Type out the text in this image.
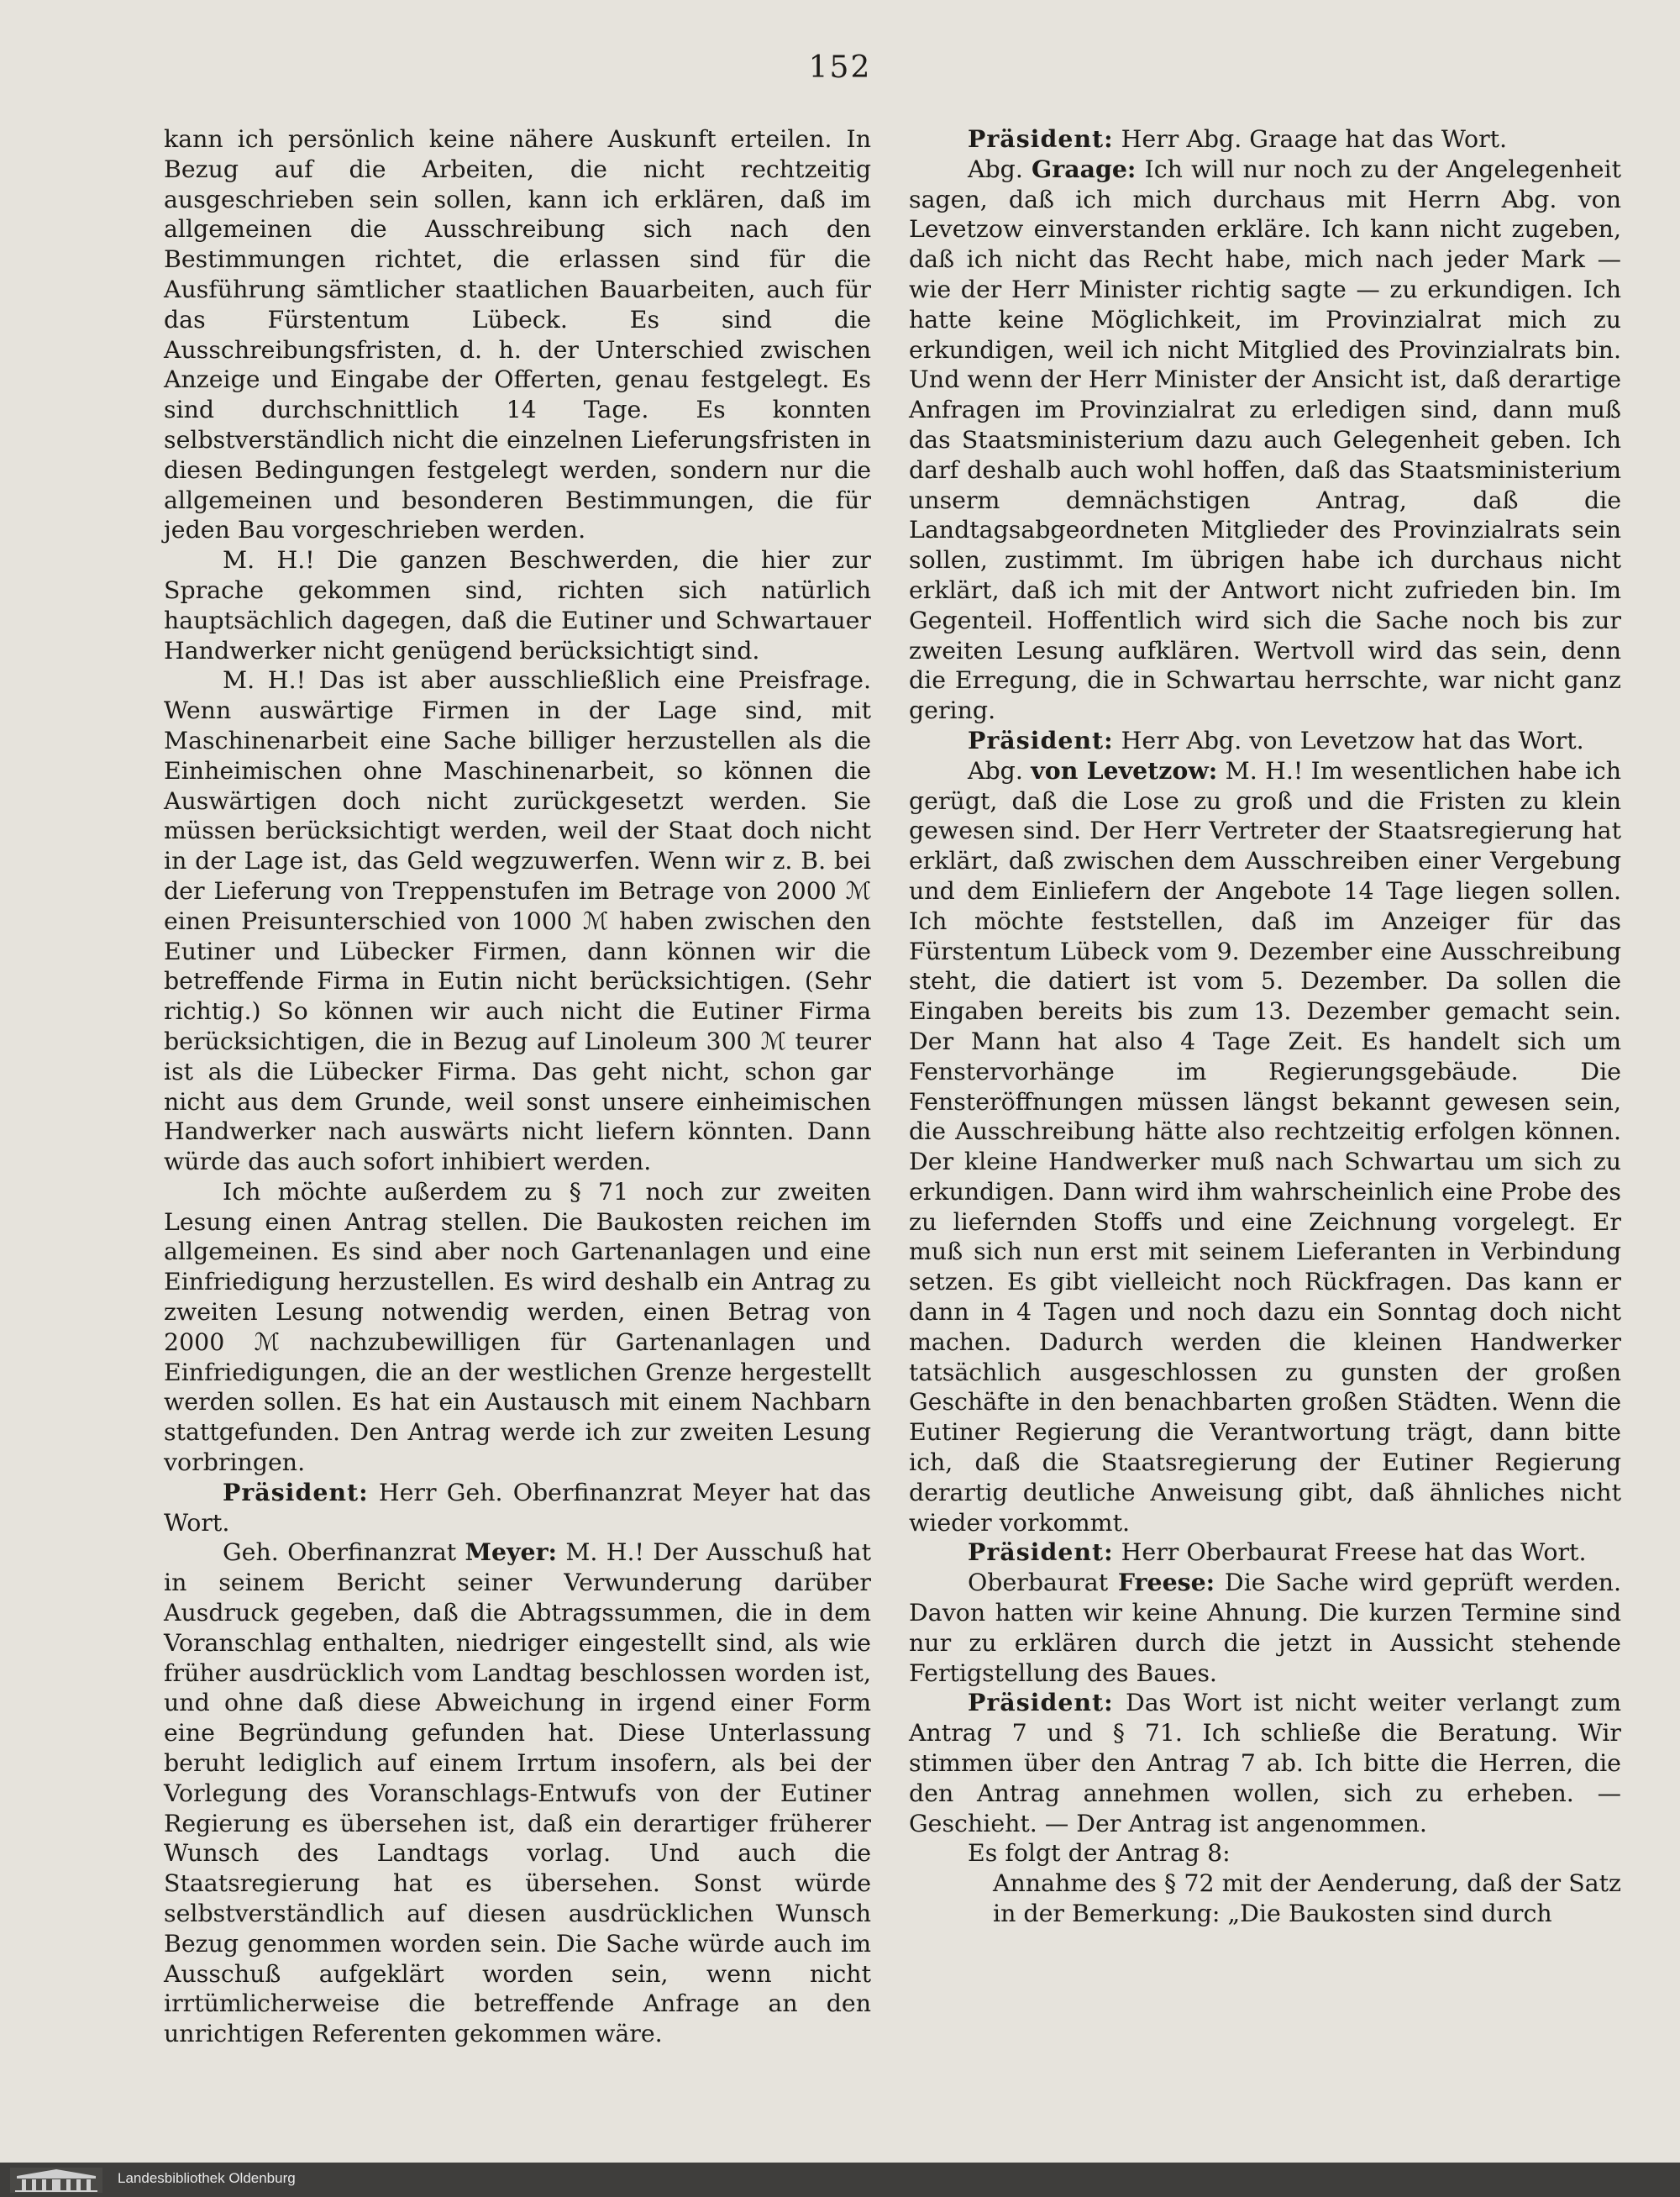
152

kann ich persönlich keine nähere Auskunft erteilen. In Bezug auf die Arbeiten, die nicht rechtzeitig ausgeschrieben sein sollen, kann ich erklären, daß im allgemeinen die Ausschreibung sich nach den Bestimmungen richtet, die erlassen sind für die Ausführung sämtlicher staatlichen Bauarbeiten, auch für das Fürstentum Lübeck. Es sind die Ausschreibungsfristen, d. h. der Unterschied zwischen Anzeige und Eingabe der Offerten, genau festgelegt. Es sind durchschnittlich 14 Tage. Es konnten selbstverständlich nicht die einzelnen Lieferungsfristen in diesen Bedingungen festgelegt werden, sondern nur die allgemeinen und besonderen Bestimmungen, die für jeden Bau vorgeschrieben werden.

M. H.! Die ganzen Beschwerden, die hier zur Sprache gekommen sind, richten sich natürlich hauptsächlich dagegen, daß die Eutiner und Schwartauer Handwerker nicht genügend berücksichtigt sind.

M. H.! Das ist aber ausschließlich eine Preisfrage. Wenn auswärtige Firmen in der Lage sind, mit Maschinenarbeit eine Sache billiger herzustellen als die Einheimischen ohne Maschinenarbeit, so können die Auswärtigen doch nicht zurückgesetzt werden. Sie müssen berücksichtigt werden, weil der Staat doch nicht in der Lage ist, das Geld wegzuwerfen. Wenn wir z. B. bei der Lieferung von Treppenstufen im Betrage von 2000 ℳ einen Preisunterschied von 1000 ℳ haben zwischen den Eutiner und Lübecker Firmen, dann können wir die betreffende Firma in Eutin nicht berücksichtigen. (Sehr richtig.) So können wir auch nicht die Eutiner Firma berücksichtigen, die in Bezug auf Linoleum 300 ℳ teurer ist als die Lübecker Firma. Das geht nicht, schon gar nicht aus dem Grunde, weil sonst unsere einheimischen Handwerker nach auswärts nicht liefern könnten. Dann würde das auch sofort inhibiert werden.

Ich möchte außerdem zu § 71 noch zur zweiten Lesung einen Antrag stellen. Die Baukosten reichen im allgemeinen. Es sind aber noch Gartenanlagen und eine Einfriedigung herzustellen. Es wird deshalb ein Antrag zu zweiten Lesung notwendig werden, einen Betrag von 2000 ℳ nachzubewilligen für Gartenanlagen und Einfriedigungen, die an der westlichen Grenze hergestellt werden sollen. Es hat ein Austausch mit einem Nachbarn stattgefunden. Den Antrag werde ich zur zweiten Lesung vorbringen.

Präsident: Herr Geh. Oberfinanzrat Meyer hat das Wort.

Geh. Oberfinanzrat Meyer: M. H.! Der Ausschuß hat in seinem Bericht seiner Verwunderung darüber Ausdruck gegeben, daß die Abtragssummen, die in dem Voranschlag enthalten, niedriger eingestellt sind, als wie früher ausdrücklich vom Landtag beschlossen worden ist, und ohne daß diese Abweichung in irgend einer Form eine Begründung gefunden hat. Diese Unterlassung beruht lediglich auf einem Irrtum insofern, als bei der Vorlegung des Voranschlags-Entwufs von der Eutiner Regierung es übersehen ist, daß ein derartiger früherer Wunsch des Landtags vorlag. Und auch die Staatsregierung hat es übersehen. Sonst würde selbstverständlich auf diesen ausdrücklichen Wunsch Bezug genommen worden sein. Die Sache würde auch im Ausschuß aufgeklärt worden sein, wenn nicht irrtümlicherweise die betreffende Anfrage an den unrichtigen Referenten gekommen wäre.

Präsident: Herr Abg. Graage hat das Wort.

Abg. Graage: Ich will nur noch zu der Angelegenheit sagen, daß ich mich durchaus mit Herrn Abg. von Levetzow einverstanden erkläre. Ich kann nicht zugeben, daß ich nicht das Recht habe, mich nach jeder Mark — wie der Herr Minister richtig sagte — zu erkundigen. Ich hatte keine Möglichkeit, im Provinzialrat mich zu erkundigen, weil ich nicht Mitglied des Provinzialrats bin. Und wenn der Herr Minister der Ansicht ist, daß derartige Anfragen im Provinzialrat zu erledigen sind, dann muß das Staatsministerium dazu auch Gelegenheit geben. Ich darf deshalb auch wohl hoffen, daß das Staatsministerium unserm demnächstigen Antrag, daß die Landtagsabgeordneten Mitglieder des Provinzialrats sein sollen, zustimmt. Im übrigen habe ich durchaus nicht erklärt, daß ich mit der Antwort nicht zufrieden bin. Im Gegenteil. Hoffentlich wird sich die Sache noch bis zur zweiten Lesung aufklären. Wertvoll wird das sein, denn die Erregung, die in Schwartau herrschte, war nicht ganz gering.

Präsident: Herr Abg. von Levetzow hat das Wort.

Abg. von Levetzow: M. H.! Im wesentlichen habe ich gerügt, daß die Lose zu groß und die Fristen zu klein gewesen sind. Der Herr Vertreter der Staatsregierung hat erklärt, daß zwischen dem Ausschreiben einer Vergebung und dem Einliefern der Angebote 14 Tage liegen sollen. Ich möchte feststellen, daß im Anzeiger für das Fürstentum Lübeck vom 9. Dezember eine Ausschreibung steht, die datiert ist vom 5. Dezember. Da sollen die Eingaben bereits bis zum 13. Dezember gemacht sein. Der Mann hat also 4 Tage Zeit. Es handelt sich um Fenstervorhänge im Regierungsgebäude. Die Fensteröffnungen müssen längst bekannt gewesen sein, die Ausschreibung hätte also rechtzeitig erfolgen können. Der kleine Handwerker muß nach Schwartau um sich zu erkundigen. Dann wird ihm wahrscheinlich eine Probe des zu liefernden Stoffs und eine Zeichnung vorgelegt. Er muß sich nun erst mit seinem Lieferanten in Verbindung setzen. Es gibt vielleicht noch Rückfragen. Das kann er dann in 4 Tagen und noch dazu ein Sonntag doch nicht machen. Dadurch werden die kleinen Handwerker tatsächlich ausgeschlossen zu gunsten der großen Geschäfte in den benachbarten großen Städten. Wenn die Eutiner Regierung die Verantwortung trägt, dann bitte ich, daß die Staatsregierung der Eutiner Regierung derartig deutliche Anweisung gibt, daß ähnliches nicht wieder vorkommt.

Präsident: Herr Oberbaurat Freese hat das Wort.

Oberbaurat Freese: Die Sache wird geprüft werden. Davon hatten wir keine Ahnung. Die kurzen Termine sind nur zu erklären durch die jetzt in Aussicht stehende Fertigstellung des Baues.

Präsident: Das Wort ist nicht weiter verlangt zum Antrag 7 und § 71. Ich schließe die Beratung. Wir stimmen über den Antrag 7 ab. Ich bitte die Herren, die den Antrag annehmen wollen, sich zu erheben. — Geschieht. — Der Antrag ist angenommen.

Es folgt der Antrag 8:

Annahme des § 72 mit der Aenderung, daß der Satz in der Bemerkung: „Die Baukosten sind durch

Landesbibliothek Oldenburg
